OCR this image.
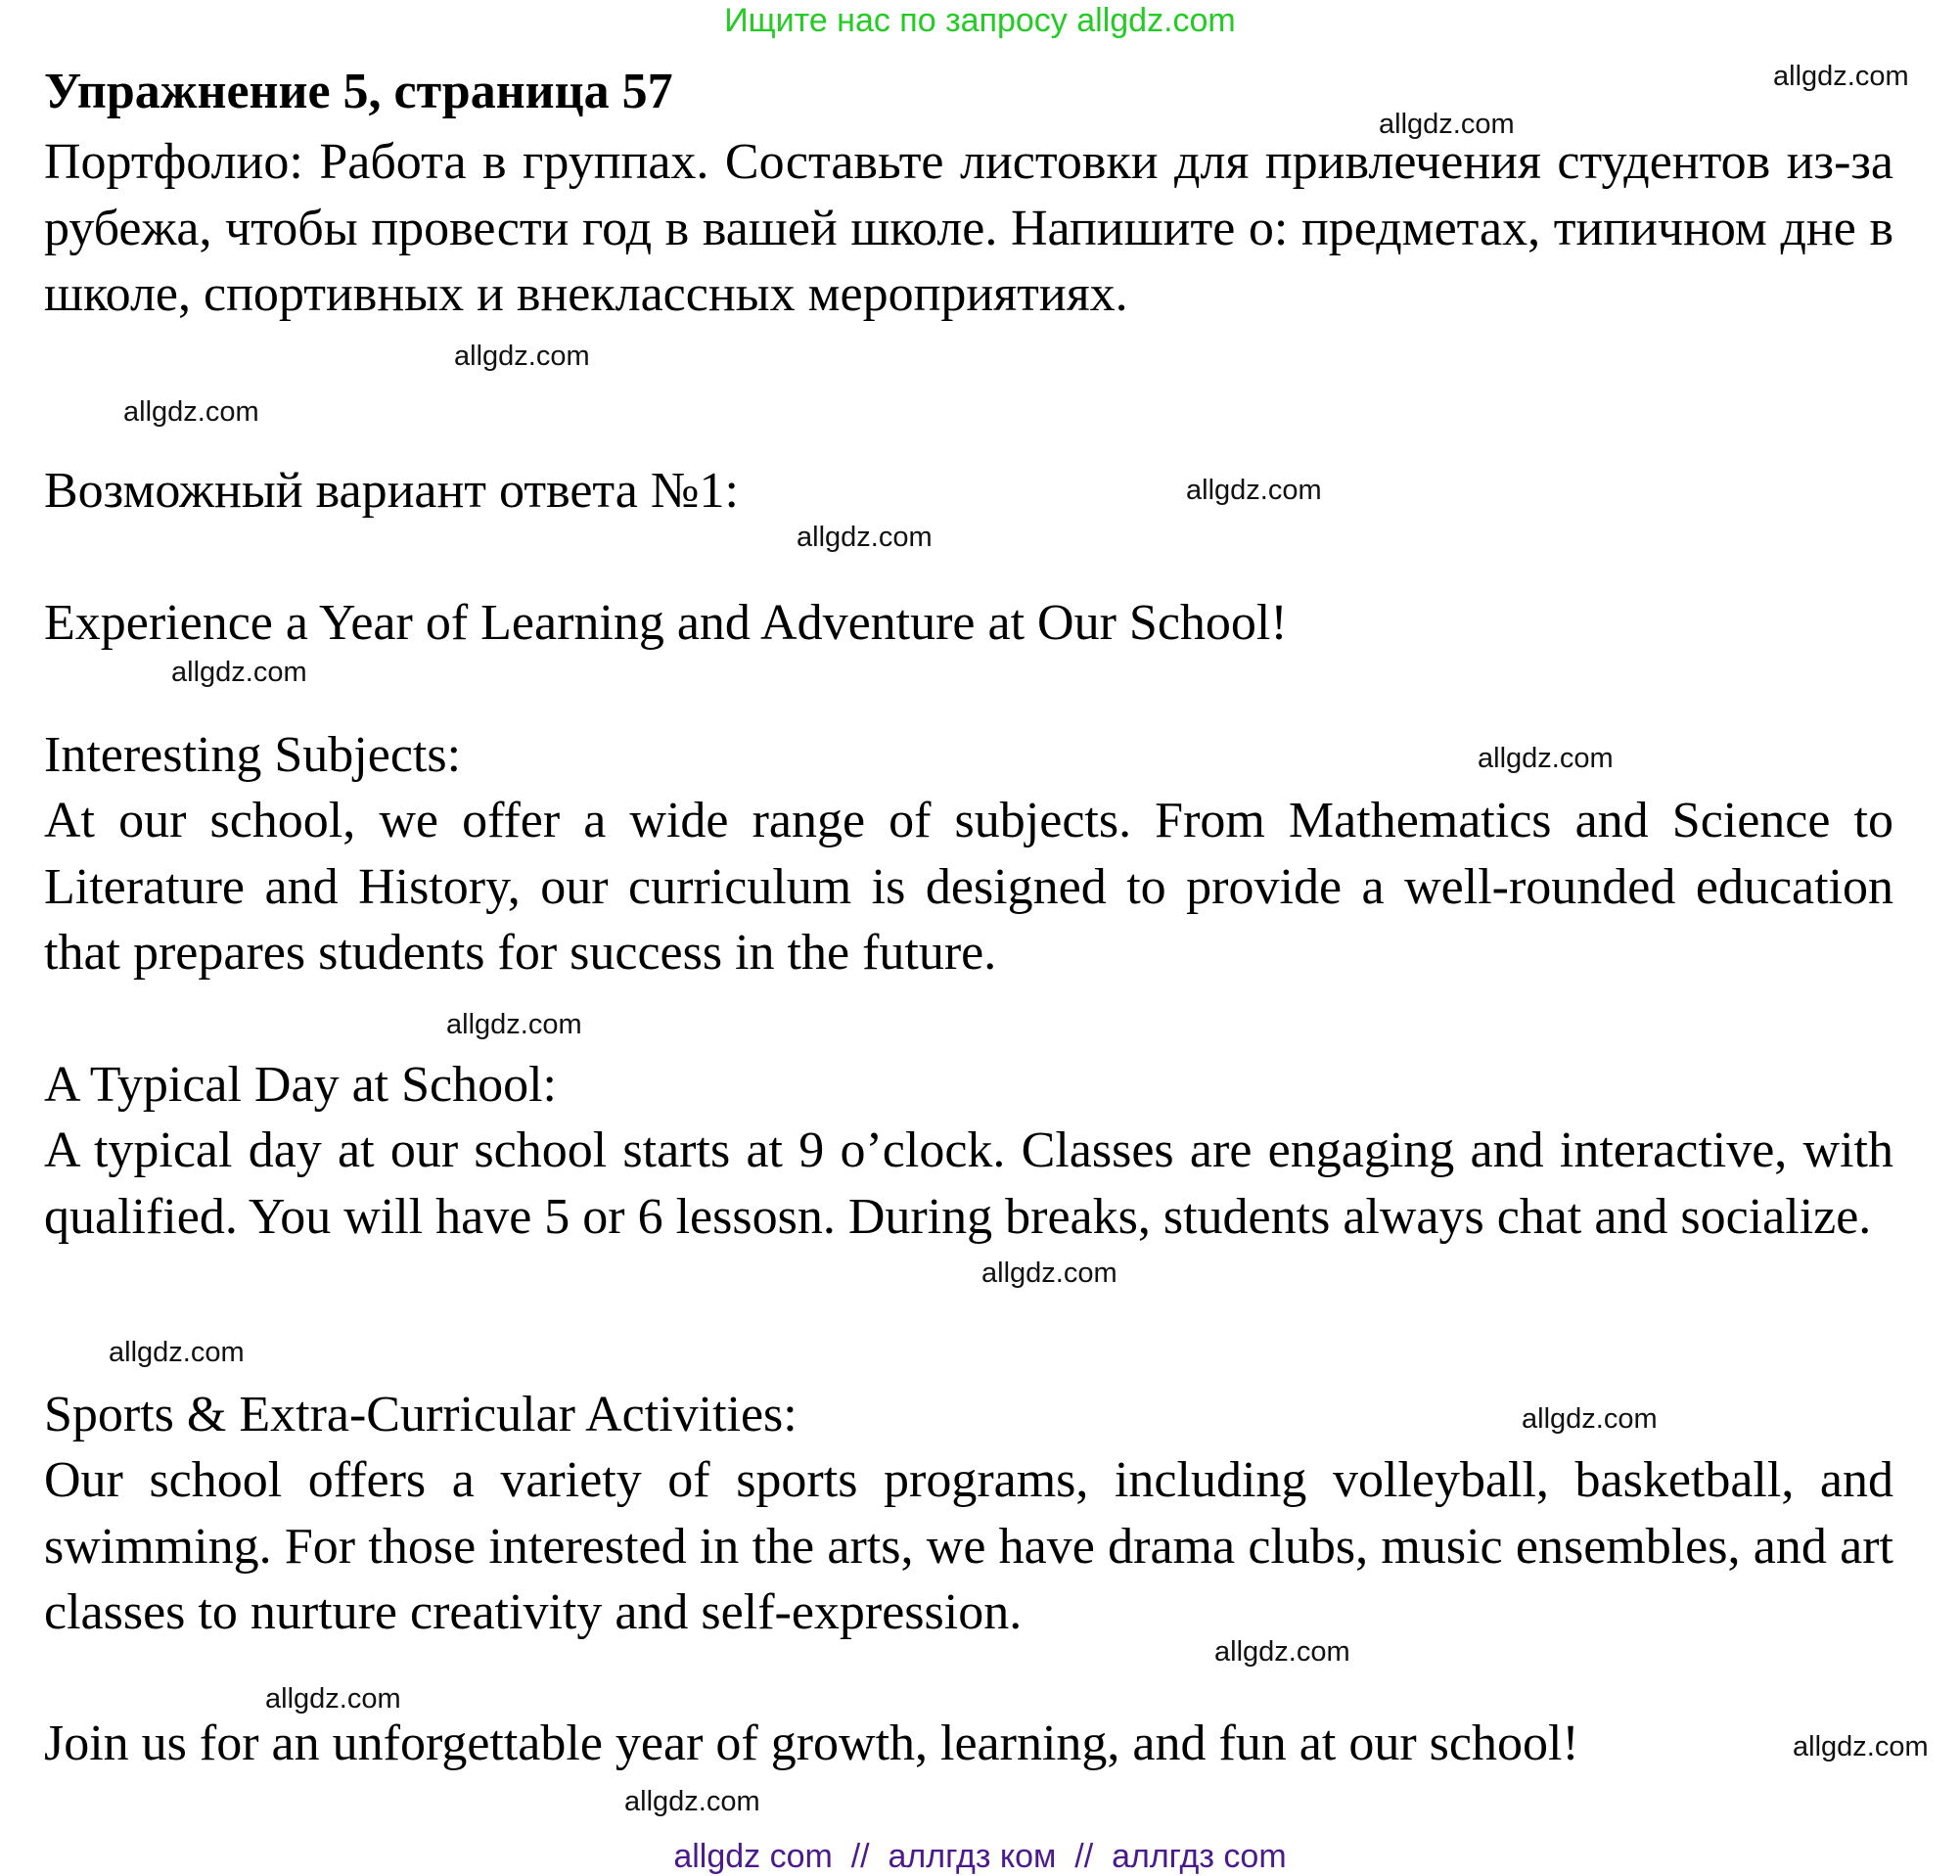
Ищите нас по запросу allgdz.com
Упражнение 5, страница 57
Портфолио: Работа в группах. Составьте листовки для привлечения студентов из-за рубежа, чтобы провести год в вашей школе. Напишите о: предметах, типичном дне в школе, спортивных и внеклассных мероприятиях.
Возможный вариант ответа №1:
Experience a Year of Learning and Adventure at Our School!
Interesting Subjects:
At our school, we offer a wide range of subjects. From Mathematics and Science to Literature and History, our curriculum is designed to provide a well-rounded education that prepares students for success in the future.
A Typical Day at School:
A typical day at our school starts at 9 o’clock. Classes are engaging and interactive, with qualified. You will have 5 or 6 lessosn. During breaks, students always chat and socialize.
Sports & Extra-Curricular Activities:
Our school offers a variety of sports programs, including volleyball, basketball, and swimming. For those interested in the arts, we have drama clubs, music ensembles, and art classes to nurture creativity and self-expression.
Join us for an unforgettable year of growth, learning, and fun at our school!
allgdz.com
allgdz.com
allgdz.com
allgdz.com
allgdz.com
allgdz.com
allgdz.com
allgdz.com
allgdz.com
allgdz.com
allgdz.com
allgdz.com
allgdz.com
allgdz.com
allgdz.com
allgdz.com
allgdz com  //  аллгдз ком  //  аллгдз com
